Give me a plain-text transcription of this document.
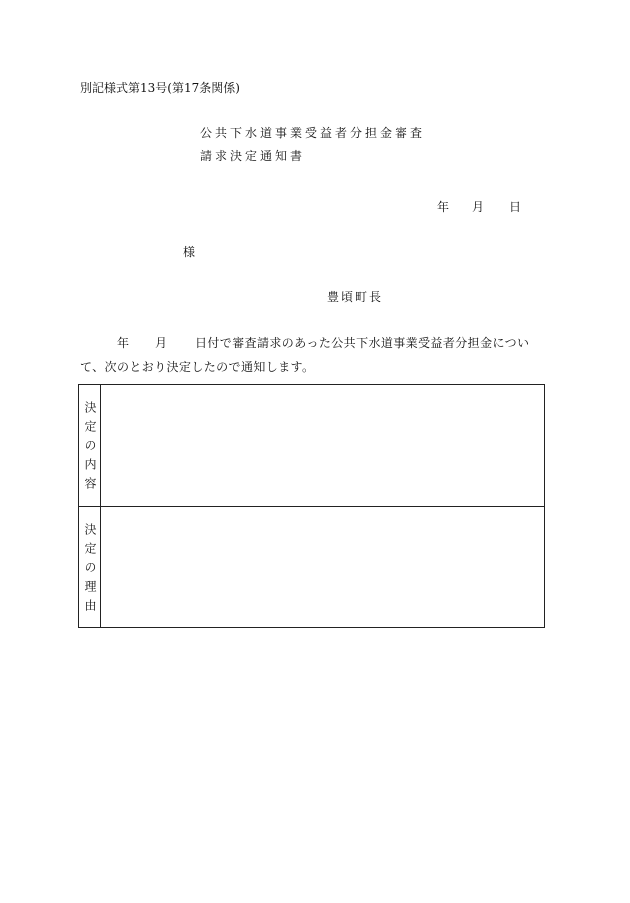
別記様式第13号(第17条関係)
公共下水道事業受益者分担金審査
請求決定通知書
年 月 日
様
豊頃町長
年 月 日付で審査請求のあった公共下水道事業受益者分担金につい
て、次のとおり決定したので通知します。
決定の内容
決定の理由
